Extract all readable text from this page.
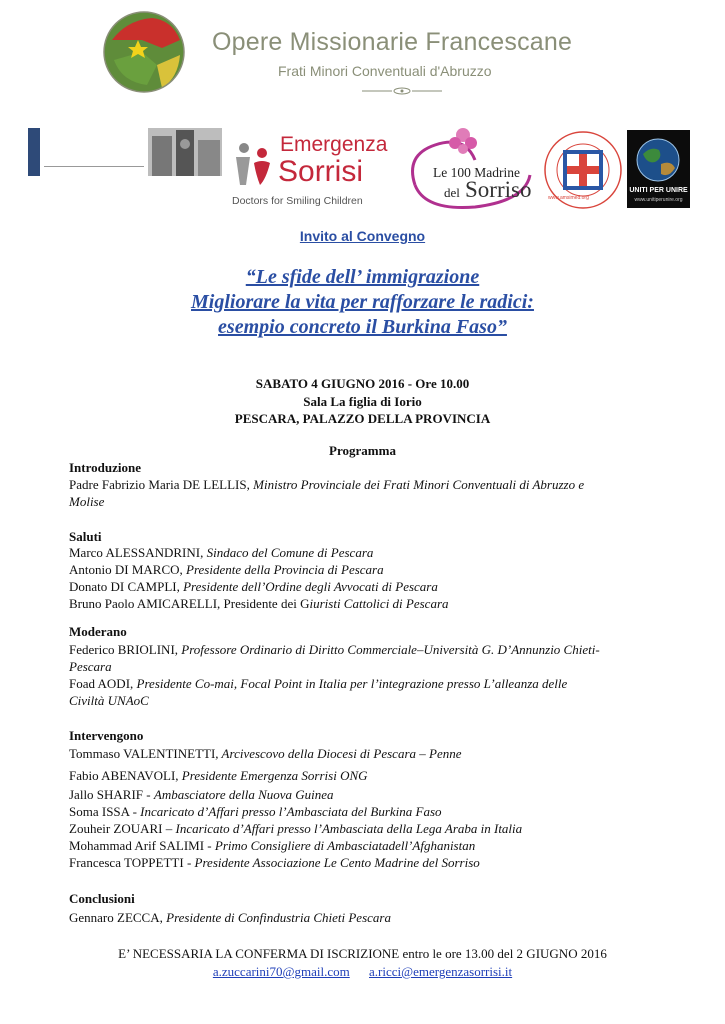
Opere Missionarie Francescane
Frati Minori Conventuali d'Abruzzo
Emergenza
Sorrisi
Doctors for Smiling Children
Le 100 Madrine
del Sorriso	www.amsimed.org
UNITI PER UNIRE
www.unitiperunire.org
Invito al Convegno
“Le sfide dell’ immigrazione
Migliorare la vita per rafforzare le radici:
esempio concreto il Burkina Faso”
SABATO 4 GIUGNO 2016 - Ore 10.00
Sala La figlia di Iorio
PESCARA, PALAZZO DELLA PROVINCIA
Programma
Introduzione
Padre Fabrizio Maria DE LELLIS, Ministro Provinciale dei Frati Minori Conventuali di Abruzzo e
Molise
Saluti
Marco ALESSANDRINI, Sindaco del Comune di Pescara
Antonio DI MARCO, Presidente della Provincia di Pescara
Donato DI CAMPLI, Presidente dell’Ordine degli Avvocati di Pescara
Bruno Paolo AMICARELLI, Presidente dei Giuristi Cattolici di Pescara
Moderano
Federico BRIOLINI, Professore Ordinario di Diritto Commerciale–Università G. D’Annunzio Chieti-
Pescara
Foad AODI, Presidente Co-mai, Focal Point in Italia per l’integrazione presso L’alleanza delle
Civiltà UNAoC
Intervengono
Tommaso VALENTINETTI, Arcivescovo della Diocesi di Pescara – Penne
Fabio ABENAVOLI, Presidente Emergenza Sorrisi ONG
Jallo SHARIF - Ambasciatore della Nuova Guinea
Soma ISSA - Incaricato d’Affari presso l’Ambasciata del Burkina Faso
Zouheir ZOUARI – Incaricato d’Affari presso l’Ambasciata della Lega Araba in Italia
Mohammad Arif SALIMI - Primo Consigliere di Ambasciatadell’Afghanistan
Francesca TOPPETTI - Presidente Associazione Le Cento Madrine del Sorriso
Conclusioni
Gennaro ZECCA, Presidente di Confindustria Chieti Pescara
E’ NECESSARIA LA CONFERMA DI ISCRIZIONE entro le ore 13.00 del 2 GIUGNO 2016
a.zuccarini70@gmail.com a.ricci@emergenzasorrisi.it
